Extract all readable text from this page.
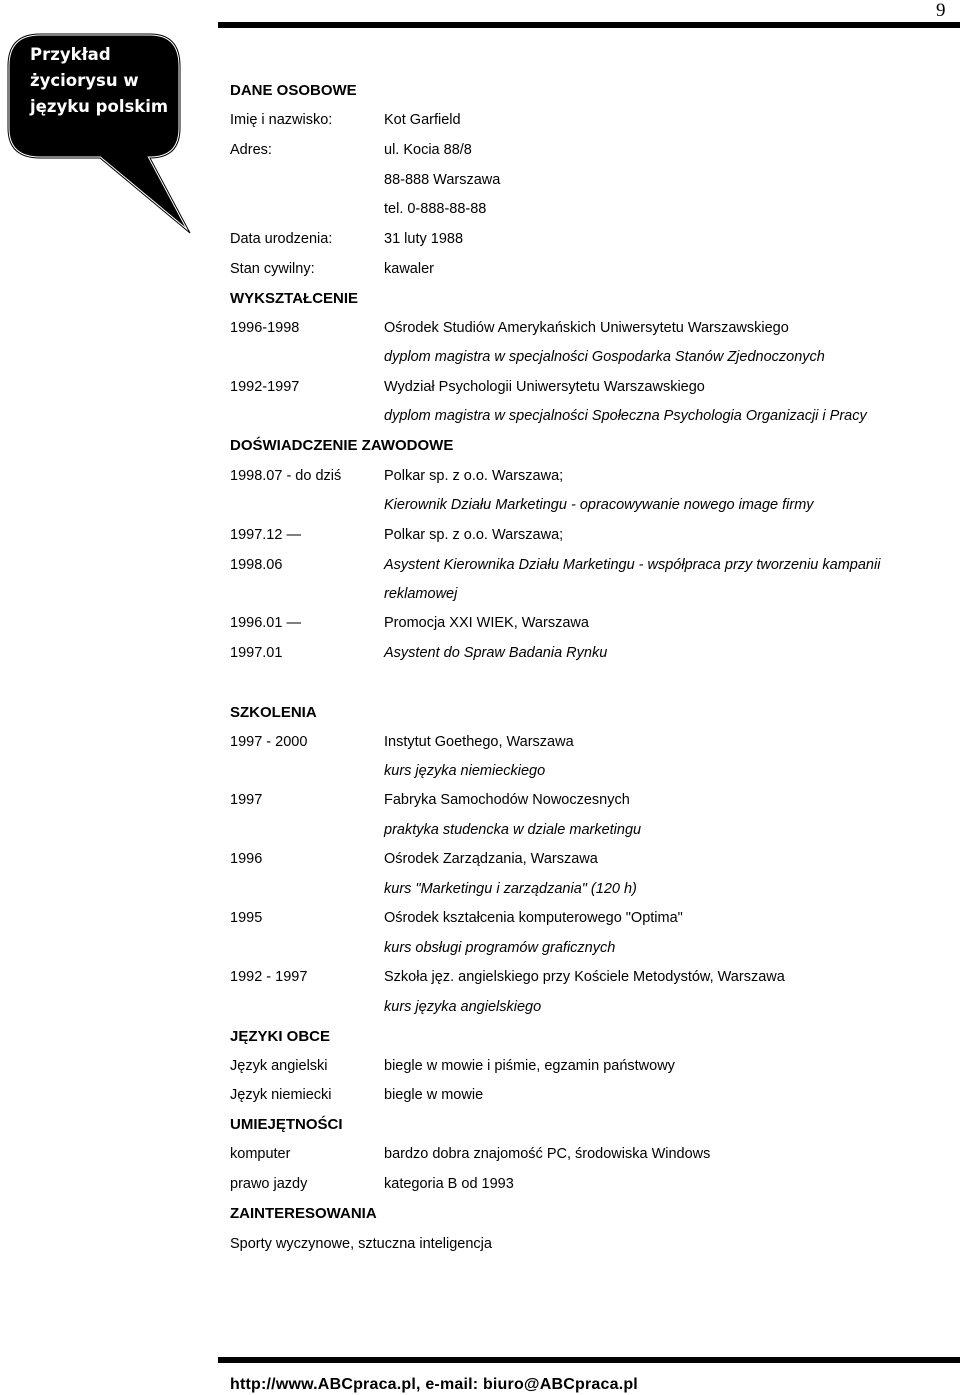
9
Przykład życiorysu w języku polskim
DANE OSOBOWE
Imię i nazwisko:	Kot Garfield
Adres:	ul. Kocia 88/8
88-888 Warszawa
tel. 0-888-88-88
Data urodzenia:	31 luty 1988
Stan cywilny:	kawaler
WYKSZTAŁCENIE
1996-1998	Ośrodek Studiów Amerykańskich Uniwersytetu Warszawskiego
dyplom magistra w specjalności Gospodarka Stanów Zjednoczonych
1992-1997	Wydział Psychologii Uniwersytetu Warszawskiego
dyplom magistra w specjalności Społeczna Psychologia Organizacji i Pracy
DOŚWIADCZENIE ZAWODOWE
1998.07 - do dziś	Polkar sp. z o.o. Warszawa;
Kierownik Działu Marketingu - opracowywanie nowego image firmy
1997.12 —	Polkar sp. z o.o. Warszawa;
1998.06	Asystent Kierownika Działu Marketingu - współpraca przy tworzeniu kampanii
reklamowej
1996.01 —	Promocja XXI WIEK, Warszawa
1997.01	Asystent do Spraw Badania Rynku
SZKOLENIA
1997 - 2000	Instytut Goethego, Warszawa
kurs języka niemieckiego
1997	Fabryka Samochodów Nowoczesnych
praktyka studencka w dziale marketingu
1996	Ośrodek Zarządzania, Warszawa
kurs "Marketingu i zarządzania" (120 h)
1995	Ośrodek kształcenia komputerowego "Optima"
kurs obsługi programów graficznych
1992 - 1997	Szkoła jęz. angielskiego przy Kościele Metodystów, Warszawa
kurs języka angielskiego
JĘZYKI OBCE
Język angielski	biegle w mowie i piśmie, egzamin państwowy
Język niemiecki	biegle w mowie
UMIEJĘTNOŚCI
komputer	bardzo dobra znajomość PC, środowiska Windows
prawo jazdy	kategoria B od 1993
ZAINTERESOWANIA
Sporty wyczynowe, sztuczna inteligencja
http://www.ABCpraca.pl, e-mail: biuro@ABCpraca.pl
